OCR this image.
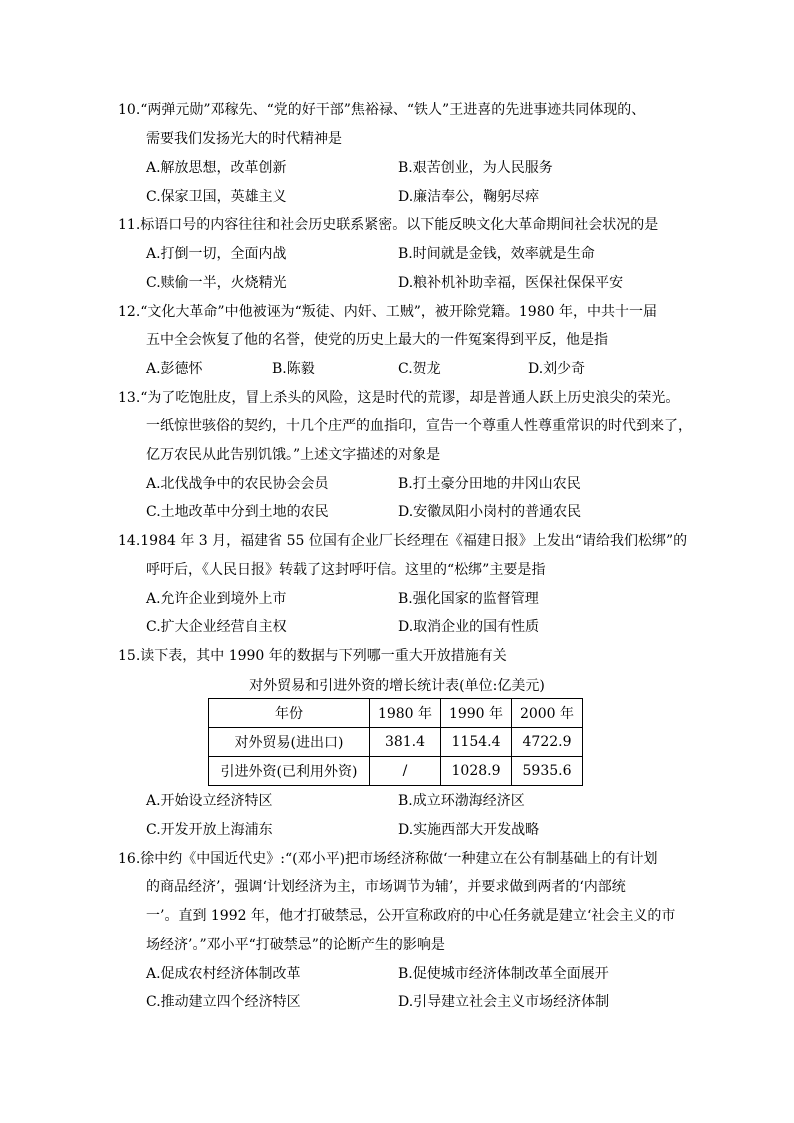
10.“两弹元勋”邓稼先、“党的好干部”焦裕禄、“铁人”王进喜的先进事迹共同体现的、
需要我们发扬光大的时代精神是
A.解放思想，改革创新	B.艰苦创业，为人民服务
C.保家卫国，英雄主义	D.廉洁奉公，鞠躬尽瘁
11.标语口号的内容往往和社会历史联系紧密。以下能反映文化大革命期间社会状况的是
A.打倒一切，全面内战	B.时间就是金钱，效率就是生命
C.赎偷一半，火烧精光	D.粮补机补助幸福，医保社保保平安
12.“文化大革命”中他被诬为“叛徒、内奸、工贼”，被开除党籍。1980 年，中共十一届
五中全会恢复了他的名誉，使党的历史上最大的一件冤案得到平反，他是指
A.彭德怀	B.陈毅	C.贺龙	D.刘少奇
13.“为了吃饱肚皮，冒上杀头的风险，这是时代的荒谬，却是普通人跃上历史浪尖的荣光。
一纸惊世骇俗的契约，十几个庄严的血指印，宣告一个尊重人性尊重常识的时代到来了，
亿万农民从此告别饥饿。”上述文字描述的对象是
A.北伐战争中的农民协会会员	B.打土豪分田地的井冈山农民
C.土地改革中分到土地的农民	D.安徽凤阳小岗村的普通农民
14.1984 年 3 月，福建省 55 位国有企业厂长经理在《福建日报》上发出“请给我们松绑”的
呼吁后，《人民日报》转载了这封呼吁信。这里的“松绑”主要是指
A.允许企业到境外上市	B.强化国家的监督管理
C.扩大企业经营自主权	D.取消企业的国有性质
15.读下表，其中 1990 年的数据与下列哪一重大开放措施有关
对外贸易和引进外资的增长统计表(单位:亿美元)
年份	1980 年	1990 年	2000 年
对外贸易(进出口)	381.4	1154.4	4722.9
引进外资(已利用外资)	/	1028.9	5935.6
A.开始设立经济特区	B.成立环渤海经济区
C.开发开放上海浦东	D.实施西部大开发战略
16.徐中约《中国近代史》:“(邓小平)把市场经济称做‘一种建立在公有制基础上的有计划
的商品经济’，强调‘计划经济为主，市场调节为辅’，并要求做到两者的‘内部统
一’。直到 1992 年，他才打破禁忌，公开宣称政府的中心任务就是建立‘社会主义的市
场经济’。”邓小平“打破禁忌”的论断产生的影响是
A.促成农村经济体制改革	B.促使城市经济体制改革全面展开
C.推动建立四个经济特区	D.引导建立社会主义市场经济体制
